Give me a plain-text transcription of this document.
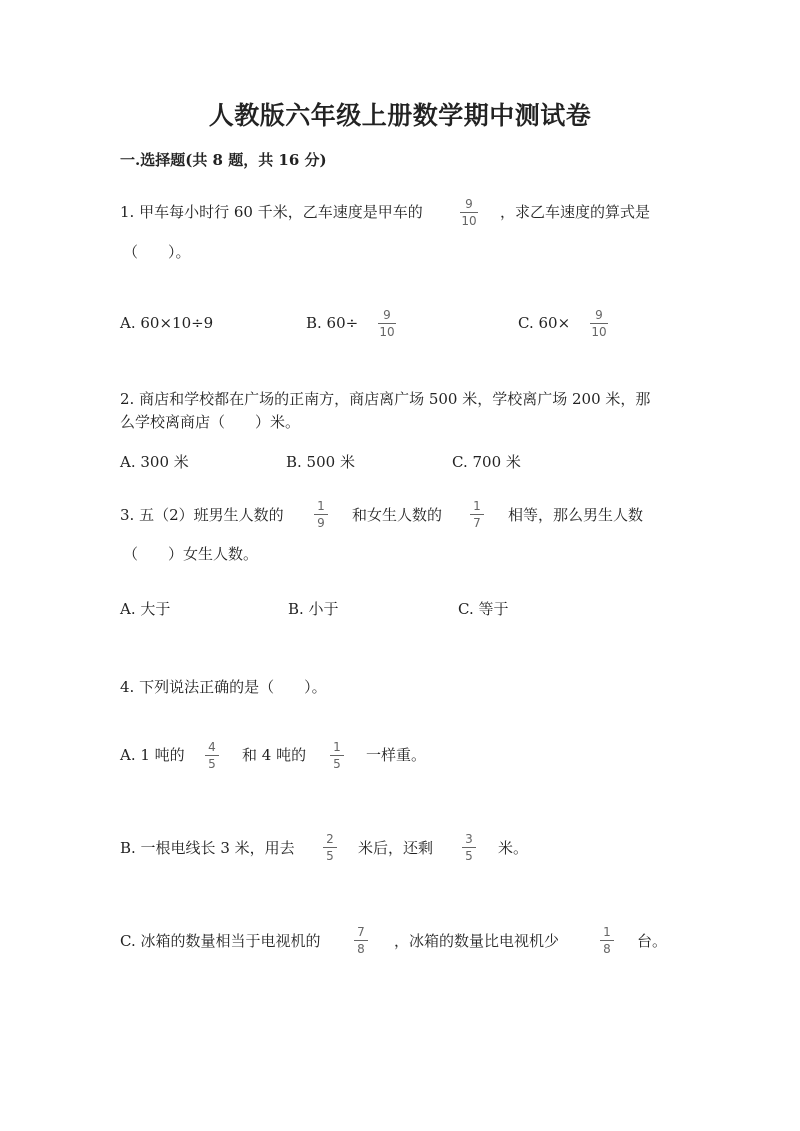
人教版六年级上册数学期中测试卷
一.选择题(共 8 题，共 16 分)
1. 甲车每小时行 60 千米，乙车速度是甲车的	9
10 ，求乙车速度的算式是
（　　）。
A. 60×10÷9	B. 60÷ 9
10	C. 60× 9
10
2. 商店和学校都在广场的正南方，商店离广场 500 米，学校离广场 200 米，那
么学校离商店（　　）米。
A. 300 米	B. 500 米	C. 700 米
3. 五（2）班男生人数的	1
9 和女生人数的	1
7 相等，那么男生人数
（　　）女生人数。
A. 大于	B. 小于	C. 等于
4. 下列说法正确的是（　　）。
A. 1 吨的 4
5 和 4 吨的 1
5 一样重。
B. 一根电线长 3 米，用去	2
5 米后，还剩	3
5 米。
C. 冰箱的数量相当于电视机的	7
8 ，冰箱的数量比电视机少	1
8 台。
